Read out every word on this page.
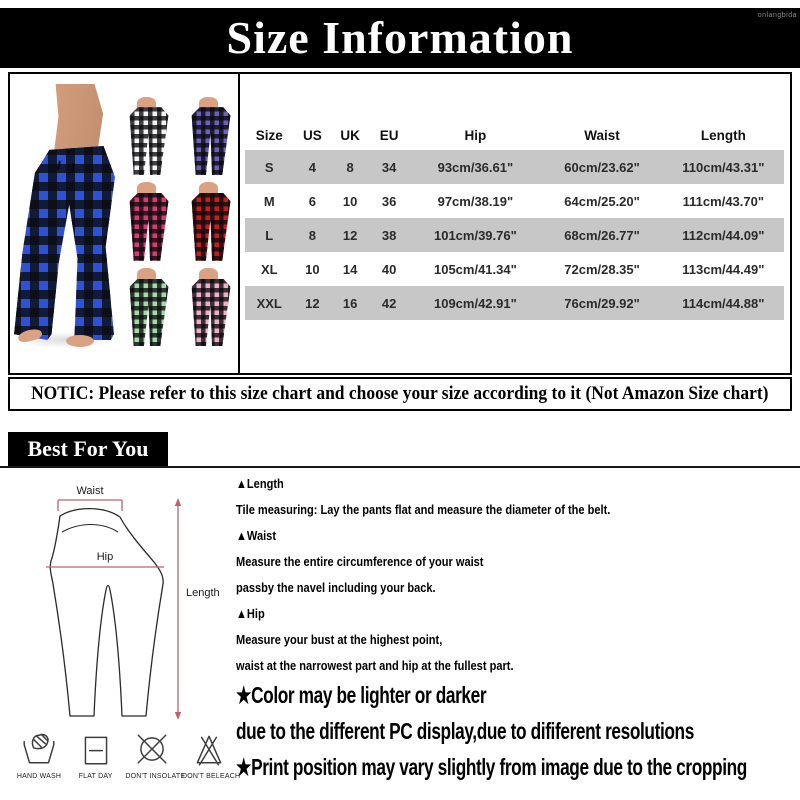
Size Information	onlangbida
Size	US	UK	EU	Hip	Waist	Length
S	4	8	34	93cm/36.61"	60cm/23.62"	110cm/43.31"
M	6	10	36	97cm/38.19"	64cm/25.20"	111cm/43.70"
L	8	12	38	101cm/39.76"	68cm/26.77"	112cm/44.09"
XL	10	14	40	105cm/41.34"	72cm/28.35"	113cm/44.49"
XXL	12	16	42	109cm/42.91"	76cm/29.92"	114cm/44.88"
NOTIC: Please refer to this size chart and choose your size according to it (Not Amazon Size chart)
Best For You
Waist
Hip
Length

▲Length

Tile measuring: Lay the pants flat and measure the diameter of the belt.

▲Waist

Measure the entire circumference of your waist

passby the navel including your back.

▲Hip

Measure your bust at the highest point,

waist at the narrowest part and hip at the fullest part.

★Color may be lighter or darker

due to the different PC display,due to dififerent resolutions

★Print position may vary slightly from image due to the cropping

HAND WASH	FLAT DAY	DON'T INSOLATE
DON'T BELEACH
